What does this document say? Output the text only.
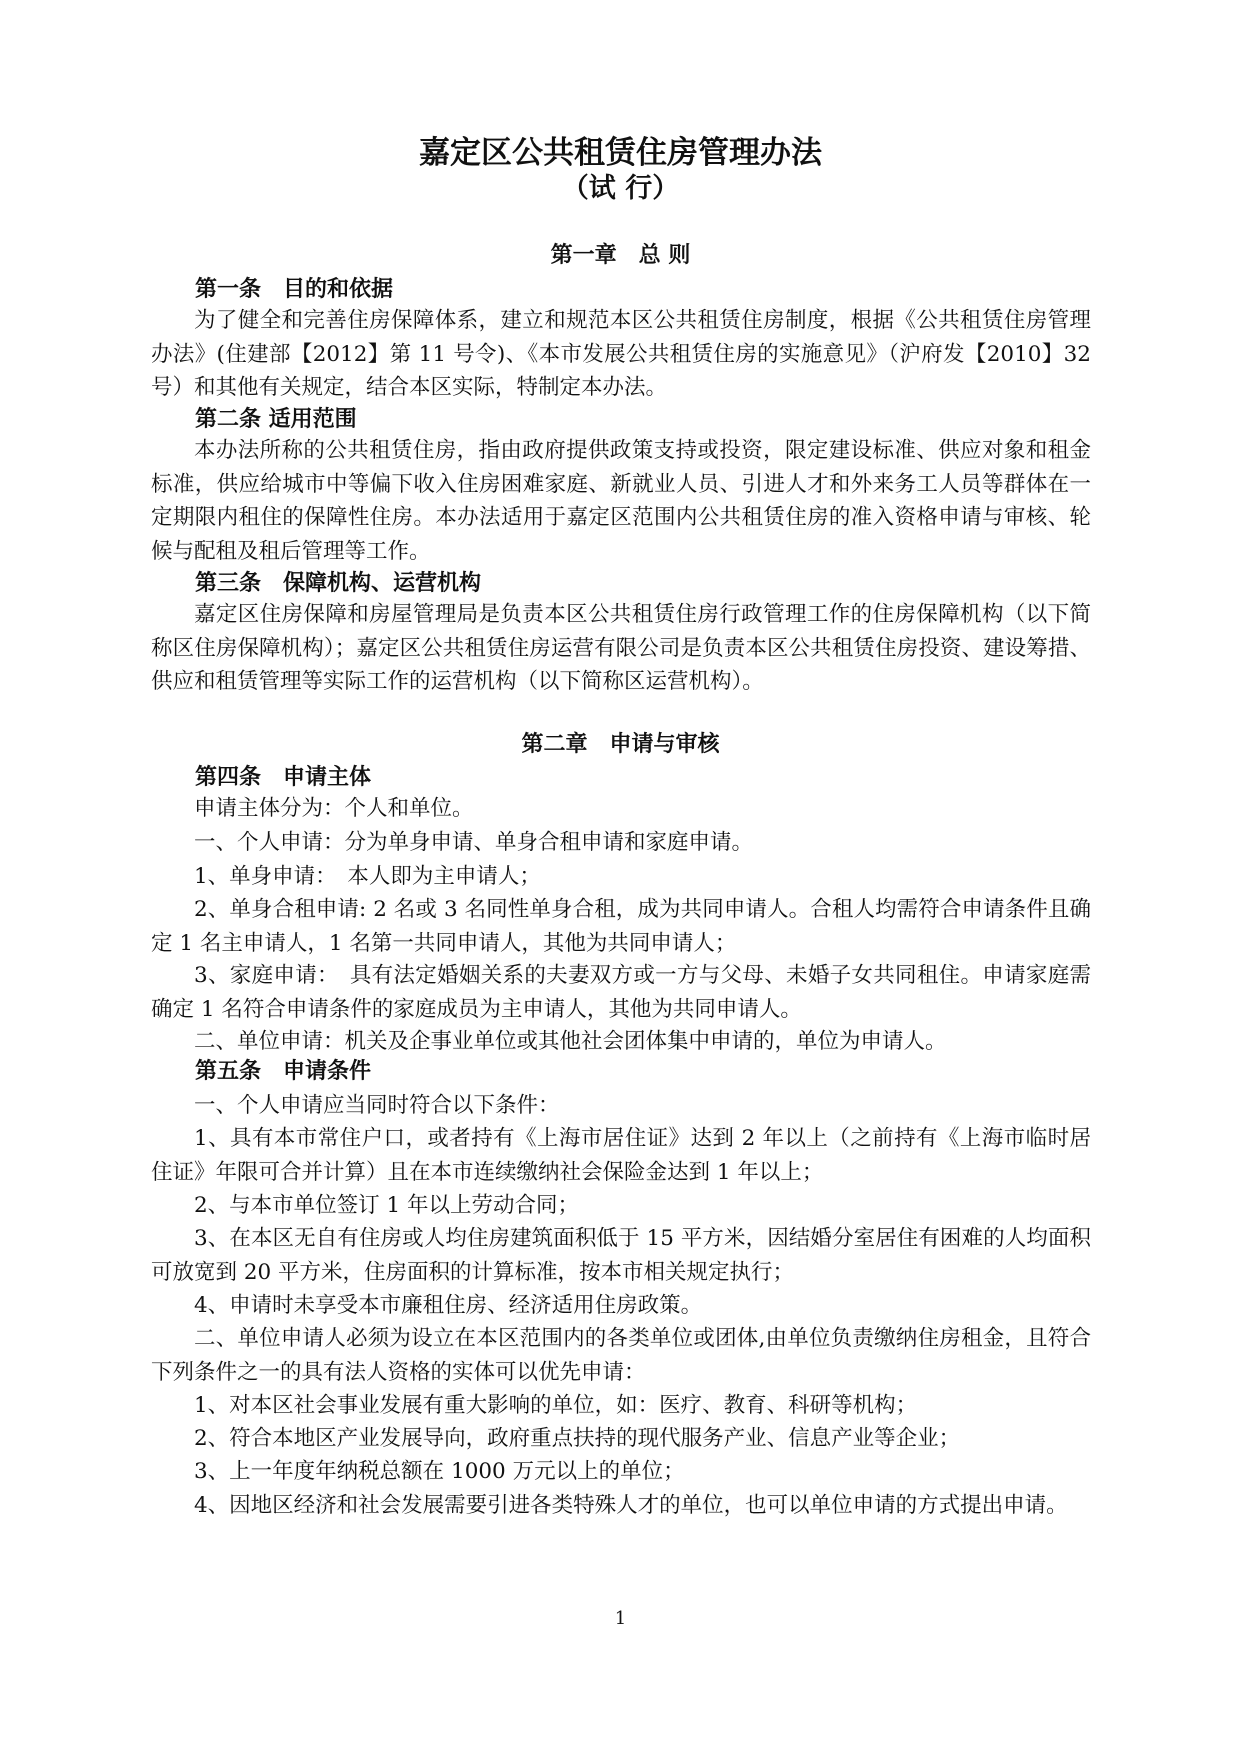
嘉定区公共租赁住房管理办法
（试 行）
第一章　总 则
第一条　目的和依据

为了健全和完善住房保障体系，建立和规范本区公共租赁住房制度，根据《公共租赁住房管理办法》(住建部【2012】第 11 号令)、《本市发展公共租赁住房的实施意见》（沪府发【2010】32 号）和其他有关规定，结合本区实际，特制定本办法。

第二条 适用范围

本办法所称的公共租赁住房，指由政府提供政策支持或投资，限定建设标准、供应对象和租金标准，供应给城市中等偏下收入住房困难家庭、新就业人员、引进人才和外来务工人员等群体在一定期限内租住的保障性住房。本办法适用于嘉定区范围内公共租赁住房的准入资格申请与审核、轮候与配租及租后管理等工作。

第三条　保障机构、运营机构

嘉定区住房保障和房屋管理局是负责本区公共租赁住房行政管理工作的住房保障机构（以下简称区住房保障机构）；嘉定区公共租赁住房运营有限公司是负责本区公共租赁住房投资、建设筹措、供应和租赁管理等实际工作的运营机构（以下简称区运营机构）。

第二章　申请与审核
第四条　申请主体

申请主体分为：个人和单位。

一、个人申请：分为单身申请、单身合租申请和家庭申请。

1、单身申请：　本人即为主申请人；

2、单身合租申请: 2 名或 3 名同性单身合租，成为共同申请人。合租人均需符合申请条件且确定 1 名主申请人，1 名第一共同申请人，其他为共同申请人；

3、家庭申请：　具有法定婚姻关系的夫妻双方或一方与父母、未婚子女共同租住。申请家庭需确定 1 名符合申请条件的家庭成员为主申请人，其他为共同申请人。

二、单位申请：机关及企事业单位或其他社会团体集中申请的，单位为申请人。

第五条　申请条件

一、个人申请应当同时符合以下条件：

1、具有本市常住户口，或者持有《上海市居住证》达到 2 年以上（之前持有《上海市临时居住证》年限可合并计算）且在本市连续缴纳社会保险金达到 1 年以上；

2、与本市单位签订 1 年以上劳动合同；

3、在本区无自有住房或人均住房建筑面积低于 15 平方米，因结婚分室居住有困难的人均面积可放宽到 20 平方米，住房面积的计算标准，按本市相关规定执行；

4、申请时未享受本市廉租住房、经济适用住房政策。

二、单位申请人必须为设立在本区范围内的各类单位或团体,由单位负责缴纳住房租金，且符合下列条件之一的具有法人资格的实体可以优先申请：

1、对本区社会事业发展有重大影响的单位，如：医疗、教育、科研等机构；

2、符合本地区产业发展导向，政府重点扶持的现代服务产业、信息产业等企业；

3、上一年度年纳税总额在 1000 万元以上的单位；

4、因地区经济和社会发展需要引进各类特殊人才的单位，也可以单位申请的方式提出申请。

1
